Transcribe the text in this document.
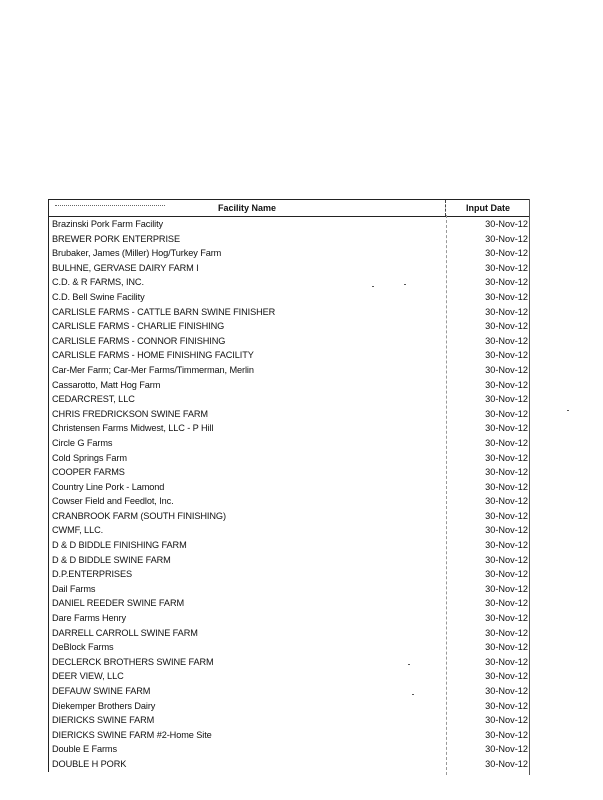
Facility Name	Input Date
Brazinski Pork Farm Facility	30-Nov-12
BREWER PORK ENTERPRISE	30-Nov-12
Brubaker, James (Miller) Hog/Turkey Farm	30-Nov-12
BULHNE, GERVASE DAIRY FARM I	30-Nov-12
C.D. & R FARMS, INC.	30-Nov-12
C.D. Bell Swine Facility	30-Nov-12
CARLISLE FARMS - CATTLE BARN SWINE FINISHER	30-Nov-12
CARLISLE FARMS - CHARLIE FINISHING	30-Nov-12
CARLISLE FARMS - CONNOR FINISHING	30-Nov-12
CARLISLE FARMS - HOME FINISHING FACILITY	30-Nov-12
Car-Mer Farm; Car-Mer Farms/Timmerman, Merlin	30-Nov-12
Cassarotto, Matt Hog Farm	30-Nov-12
CEDARCREST, LLC	30-Nov-12
CHRIS FREDRICKSON SWINE FARM	30-Nov-12
Christensen Farms Midwest, LLC - P Hill	30-Nov-12
Circle G Farms	30-Nov-12
Cold Springs Farm	30-Nov-12
COOPER FARMS	30-Nov-12
Country Line Pork - Lamond	30-Nov-12
Cowser Field and Feedlot, Inc.	30-Nov-12
CRANBROOK FARM (SOUTH FINISHING)	30-Nov-12
CWMF, LLC.	30-Nov-12
D & D BIDDLE FINISHING FARM	30-Nov-12
D & D BIDDLE SWINE FARM	30-Nov-12
D.P.ENTERPRISES	30-Nov-12
Dail Farms	30-Nov-12
DANIEL REEDER SWINE FARM	30-Nov-12
Dare Farms Henry	30-Nov-12
DARRELL CARROLL SWINE FARM	30-Nov-12
DeBlock Farms	30-Nov-12
DECLERCK BROTHERS SWINE FARM	30-Nov-12
DEER VIEW, LLC	30-Nov-12
DEFAUW SWINE FARM	30-Nov-12
Diekemper Brothers Dairy	30-Nov-12
DIERICKS SWINE FARM	30-Nov-12
DIERICKS SWINE FARM #2-Home Site	30-Nov-12
Double E Farms	30-Nov-12
DOUBLE H PORK	30-Nov-12
